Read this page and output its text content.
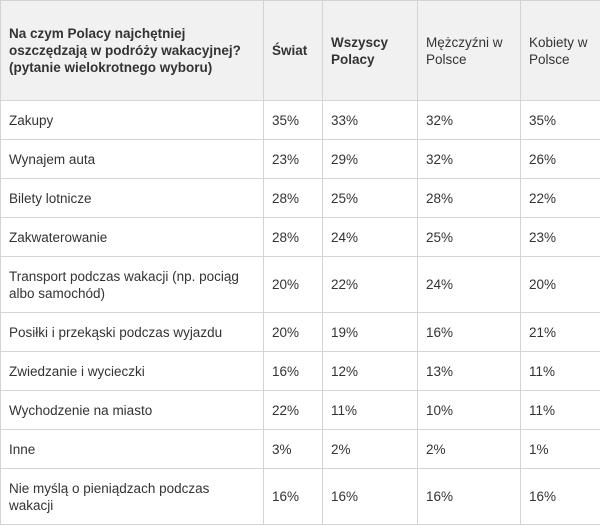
Na czym Polacy najchętniej oszczędzają w podróży wakacyjnej? (pytanie wielokrotnego wyboru)	Świat	Wszyscy Polacy	Mężczyźni w Polsce	Kobiety w Polsce
Zakupy	35%	33%	32%	35%
Wynajem auta	23%	29%	32%	26%
Bilety lotnicze	28%	25%	28%	22%
Zakwaterowanie	28%	24%	25%	23%
Transport podczas wakacji (np. pociąg albo samochód)	20%	22%	24%	20%
Posiłki i przekąski podczas wyjazdu	20%	19%	16%	21%
Zwiedzanie i wycieczki	16%	12%	13%	11%
Wychodzenie na miasto	22%	11%	10%	11%
Inne	3%	2%	2%	1%
Nie myślą o pieniądzach podczas wakacji	16%	16%	16%	16%
